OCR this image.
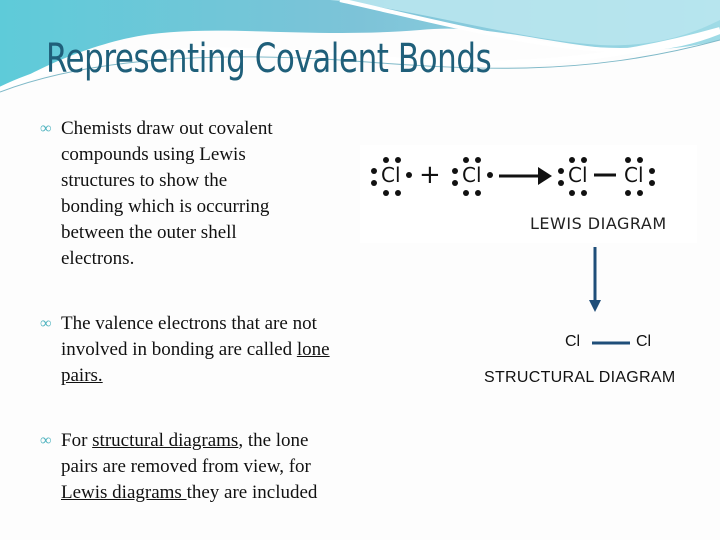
Representing Covalent Bonds
∞ Chemists draw out covalent
compounds using Lewis
structures to show the
bonding which is occurring
between the outer shell
electrons.
∞ The valence electrons that are not involved in bonding are called lone pairs.
∞ For structural diagrams, the lone pairs are removed from view, for Lewis diagrams they are included
Cl + Cl	Cl Cl
LEWIS DIAGRAM
Cl	Cl
STRUCTURAL DIAGRAM
